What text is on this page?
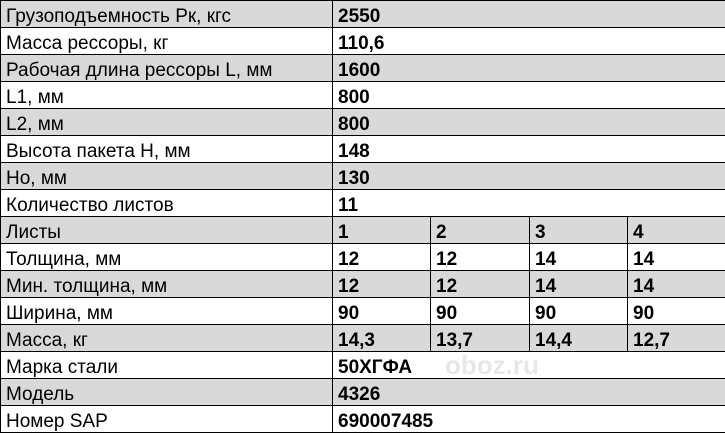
Грузоподъемность Рк, кгс	2550			
Масса рессоры, кг	110,6			
Рабочая длина рессоры L, мм	1600			
L1, мм	800			
L2, мм	800			
Высота пакета Н, мм	148			
Но, мм	130			
Количество листов	11			
Листы	1	2	3	4
Толщина, мм	12	12	14	14
Мин. толщина, мм	12	12	14	14
Ширина, мм	90	90	90	90
Масса, кг	14,3	13,7	14,4	12,7
Марка стали	50ХГФА			
Модель	4326			
Номер SAP	690007485			
